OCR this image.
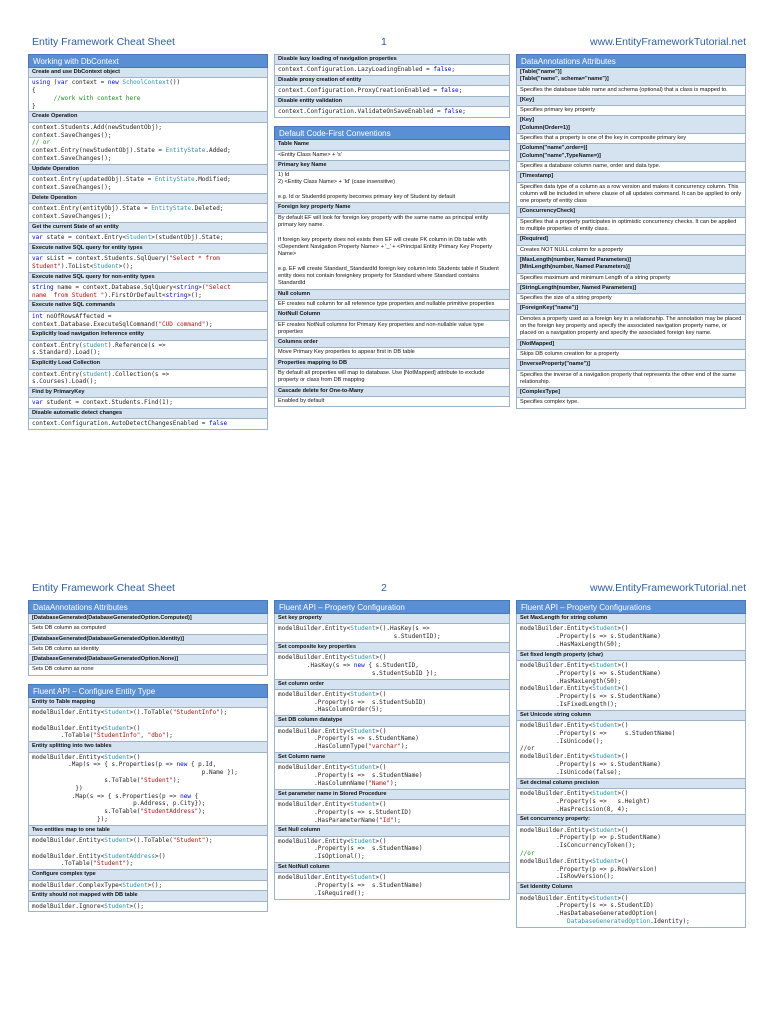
Entity Framework Cheat Sheet	1	www.EntityFrameworkTutorial.net
Working with DbContext
Create and use DbContext object
using (var context = new SchoolContext())
{
//work with context here
}
Create Operation
context.Students.Add(newStudentObj);
context.SaveChanges();
// or
context.Entry(newStudentObj).State = EntityState.Added;
context.SaveChanges();
Update Operation
context.Entry(updatedObj).State = EntityState.Modified;
context.SaveChanges();
Delete Operation
context.Entry(entityObj).State = EntityState.Deleted;
context.SaveChanges();
Get the current State of an entity
var state = context.Entry<Student>(studentObj).State;
Execute native SQL query for entity types
var sList = context.Students.SqlQuery("Select * from
Student").ToList<Student>();
Execute native SQL query for non-entity types
string name = context.Database.SqlQuery<string>("Select
name  from Student ").FirstOrDefault<string>();
Execute native SQL commands
int noOfRowsAffected =
context.Database.ExecuteSqlCommand("CUD command");
Explicitly load navigation /reference entity
context.Entry(student).Reference(s =>
s.Standard).Load();
Explicitly Load Collection
context.Entry(student).Collection(s =>
s.Courses).Load();
Find by PrimaryKey
var student = context.Students.Find(1);
Disable automatic detect changes
context.Configuration.AutoDetectChangesEnabled = false
Disable lazy loading of navigation properties
context.Configuration.LazyLoadingEnabled = false;
Disable proxy creation of entity
context.Configuration.ProxyCreationEnabled = false;
Disable entity validation
context.Configuration.ValidateOnSaveEnabled = false;
Default Code-First Conventions
Table Name
<Entity Class Name> + 's'
Primary key Name
1) Id
2) <Entity Class Name> + 'Id' (case insensitive)

e.g. Id or StudentId property becomes primary key of Student by default
Foreign key property Name
By default EF will look for foreign key property with the same name as principal entity primary key name.

If foreign key property does not exists then EF will create FK column in Db table with
<Dependent Navigation Property Name> + '_' + <Principal Entity Primary Key Property Name>

e.g. EF will create Standard_StandardId foreign key column into Students table if Student entity does not contain foreignkey property for Standard where Standard contains StandardId
Null column
EF creates null column for all reference type properties and nullable primitive properties
NotNull Column
EF creates NotNull columns for Primary Key properties and non-nullable value type properties
Columns order
Move Primary Key properties to appear first in DB table
Properties mapping to DB
By default all properties will map to database. Use [NotMapped] attribute to exclude property or class from DB mapping
Cascade delete for One-to-Many
Enabled by default
DataAnnotations Attributes
[Table("name")]
[Table("name", schema="name")]
Specifies the database table name and schema (optional) that a class is mapped to.
[Key]
Specifies primary key property
[Key]
[Column(Order=1)]
Specifies that a property is one of the key in composite primary key
[Column("name",order=)]
[Column("name",TypeName=)]
Specifies a database column name, order and data type.
[Timestamp]
Specifies data type of a column as a row version and makes it concurrency column. This column will be included in where clause of all updates command. It can be applied to only one property of entity class
[ConcurrencyCheck]
Specifies that a property participates in optimistic concurrency checks. It can be applied to multiple properties of entity class.
[Required]
Creates NOT NULL column for a property
[MaxLength(number, Named Parameters)]
[MinLength(number, Named Parameters)]
Specifies maximum and minimum Length of a string property
[StringLength(number, Named Parameters)]
Specifies the size of a string property
[ForeignKey("name")]
Denotes a property used as a foreign key in a relationship. The annotation may be placed on the foreign key property and specify the associated navigation property name, or placed on a navigation property and specify the associated foreign key name.
[NotMapped]
Skips DB column creation for a property
[InverseProperty("name")]
Specifies the inverse of a navigation property that represents the other end of the same relationship.
[ComplexType]
Specifies complex type.
Entity Framework Cheat Sheet	2	www.EntityFrameworkTutorial.net
DataAnnotations Attributes
[DatabaseGenerated(DatabaseGeneratedOption.Computed)]
Sets DB column as computed
[DatabaseGenerated(DatabaseGeneratedOption.Identity)]
Sets DB column as identity
[DatabaseGenerated(DatabaseGeneratedOption.None)]
Sets DB column as none
Fluent API – Configure Entity Type
Entity to Table mapping
modelBuilder.Entity<Student>().ToTable("StudentInfo");

modelBuilder.Entity<Student>()
.ToTable("StudentInfo", "dbo");
Entity splitting into two tables
modelBuilder.Entity<Student>()
.Map(s => { s.Properties(p => new { p.Id,
p.Name });
s.ToTable("Student");
})
.Map(s => { s.Properties(p => new {
p.Address, p.City});
s.ToTable("StudentAddress");
});
Two entities map to one table
modelBuilder.Entity<Student>().ToTable("Student");

modelBuilder.Entity<StudentAddress>()
.ToTable("Student");
Configure complex type
modelBuilder.ComplexType<Student>();
Entity should not mapped with DB table
modelBuilder.Ignore<Student>();
Fluent API – Property Configuration
Set key property
modelBuilder.Entity<Student>().HasKey(s =>
s.StudentID);
Set composite key properties
modelBuilder.Entity<Student>()
.HasKey(s => new { s.StudentID,
s.StudentSubID });
Set column order
modelBuilder.Entity<Student>()
.Property(s =>  s.StudentSubID)
.HasColumnOrder(5);
Set DB column datatype
modelBuilder.Entity<Student>()
.Property(s => s.StudentName)
.HasColumnType("varchar");
Set Column name
modelBuilder.Entity<Student>()
.Property(s =>  s.StudentName)
.HasColumnName("Name");
Set parameter name in Stored Procedure
modelBuilder.Entity<Student>()
.Property(s => s.StudentID)
.HasParameterName("Id");
Set Null column
modelBuilder.Entity<Student>()
.Property(s =>  s.StudentName)
.IsOptional();
Set NotNull column
modelBuilder.Entity<Student>()
.Property(s =>  s.StudentName)
.IsRequired();
Fluent API – Property Configurations
Set MaxLength for string column
modelBuilder.Entity<Student>()
.Property(s => s.StudentName)
.HasMaxLength(50);
Set fixed length property (char)
modelBuilder.Entity<Student>()
.Property(s => s.StudentName)
.HasMaxLength(50);
modelBuilder.Entity<Student>()
.Property(s => s.StudentName)
.IsFixedLength();
Set Unicode string column
modelBuilder.Entity<Student>()
.Property(s =>     s.StudentName)
.IsUnicode();
//or
modelBuilder.Entity<Student>()
.Property(s => s.StudentName)
.IsUnicode(false);
Set decimal column precision
modelBuilder.Entity<Student>()
.Property(s =>   s.Height)
.HasPrecision(8, 4);
Set concurrency property:
modelBuilder.Entity<Student>()
.Property(p => p.StudentName)
.IsConcurrencyToken();
//or
modelBuilder.Entity<Student>()
.Property(p => p.RowVersion)
.IsRowVersion();
Set Identity Column
modelBuilder.Entity<Student>()
.Property(s => s.StudentID)
.HasDatabaseGeneratedOption(
DatabaseGeneratedOption.Identity);
